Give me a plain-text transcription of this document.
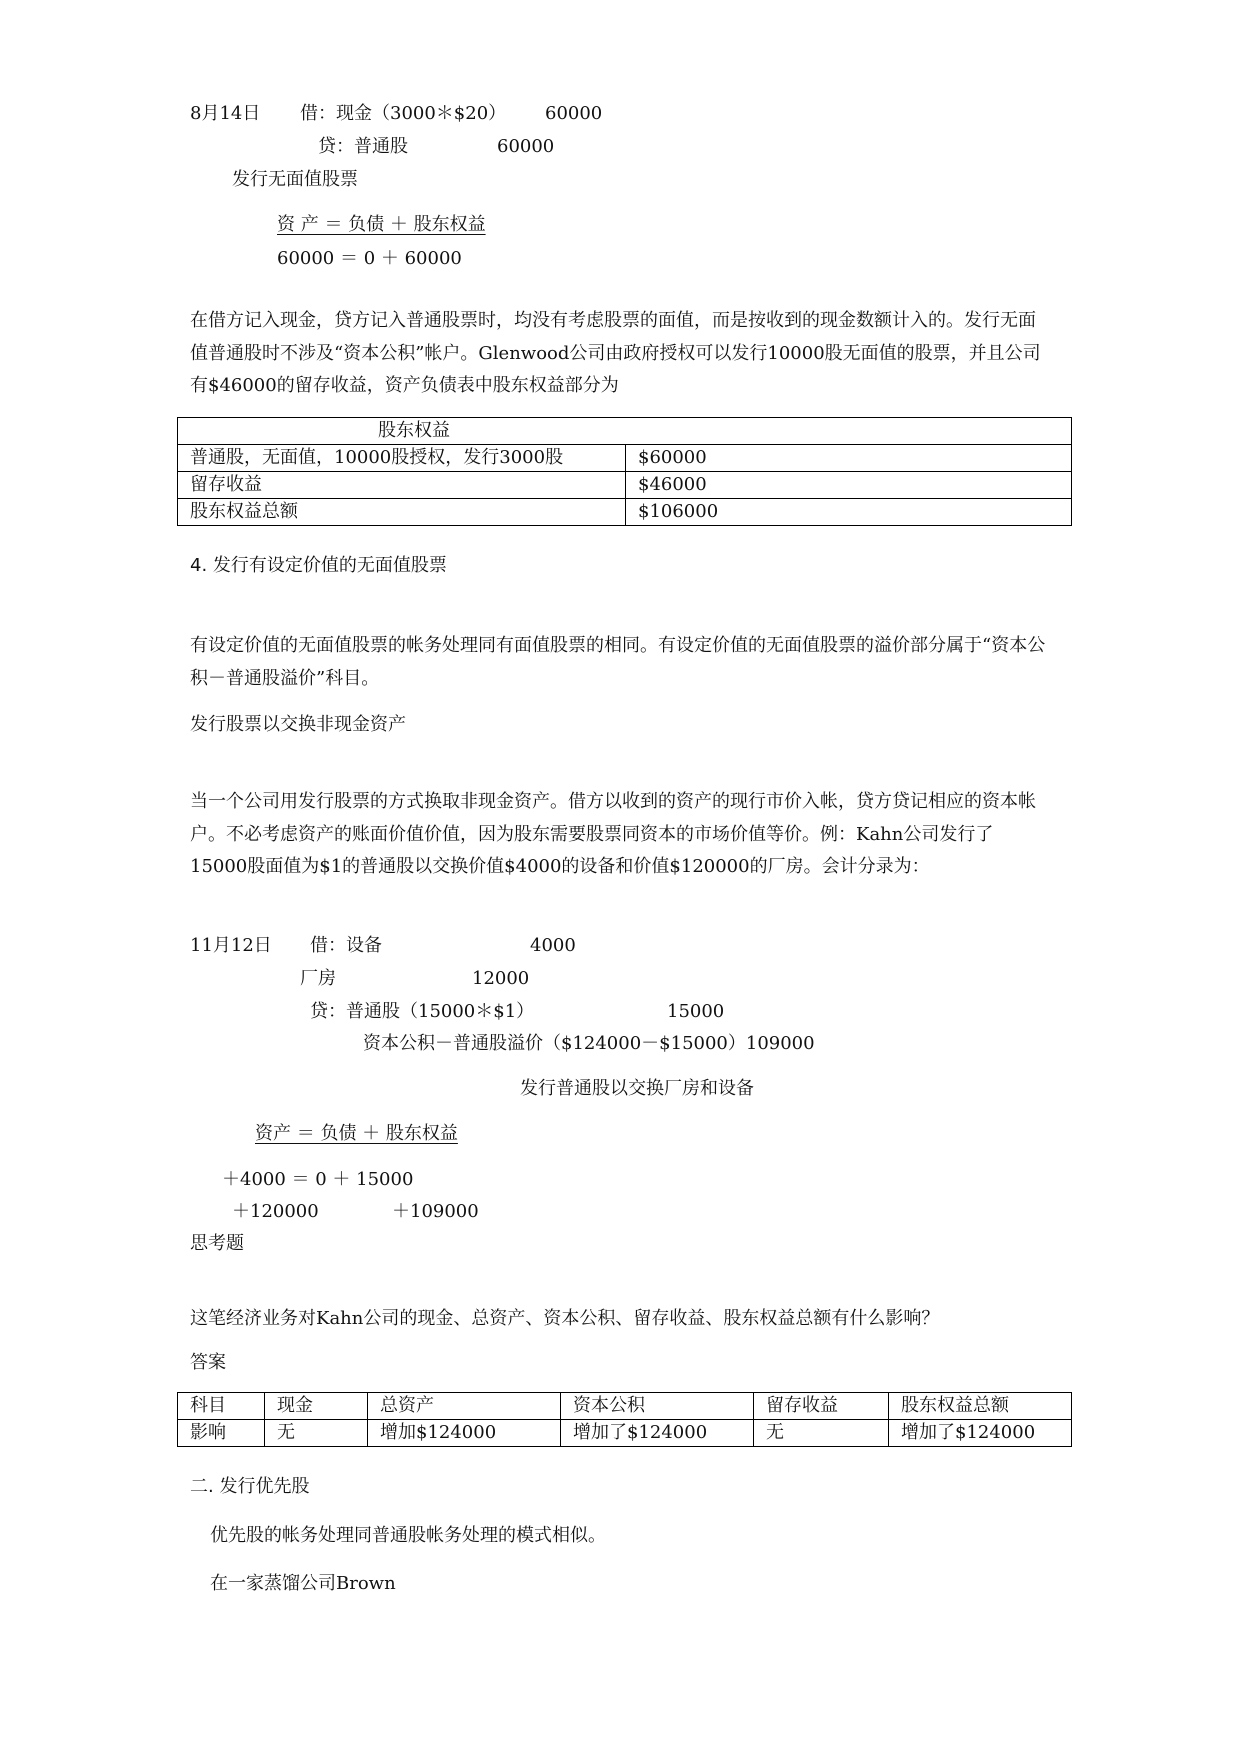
8月14日 借：现金（3000＊$20） 60000
贷：普通股	60000
发行无面值股票
资 产 ＝ 负债 ＋ 股东权益
60000 ＝ 0 ＋ 60000
在借方记入现金，贷方记入普通股票时，均没有考虑股票的面值，而是按收到的现金数额计入的。发行无面值普通股时不涉及“资本公积”帐户。Glenwood公司由政府授权可以发行10000股无面值的股票，并且公司有$46000的留存收益，资产负债表中股东权益部分为
股东权益	
普通股，无面值，10000股授权，发行3000股	$60000
留存收益	$46000
股东权益总额	$106000
4. 发行有设定价值的无面值股票
有设定价值的无面值股票的帐务处理同有面值股票的相同。有设定价值的无面值股票的溢价部分属于“资本公积－普通股溢价”科目。
发行股票以交换非现金资产
当一个公司用发行股票的方式换取非现金资产。借方以收到的资产的现行市价入帐，贷方贷记相应的资本帐户。不必考虑资产的账面价值价值，因为股东需要股票同资本的市场价值等价。例：Kahn公司发行了15000股面值为$1的普通股以交换价值$4000的设备和价值$120000的厂房。会计分录为：
11月12日 借：设备	4000
厂房	12000
贷：普通股（15000＊$1）	15000
资本公积－普通股溢价（$124000－$15000）109000
发行普通股以交换厂房和设备
资产 ＝ 负债 ＋ 股东权益
＋4000 ＝ 0 ＋ 15000
＋120000	＋109000
思考题
这笔经济业务对Kahn公司的现金、总资产、资本公积、留存收益、股东权益总额有什么影响？
答案
科目	现金	总资产	资本公积	留存收益	股东权益总额
影响	无	增加$124000	增加了$124000	无	增加了$124000
二. 发行优先股
优先股的帐务处理同普通股帐务处理的模式相似。
在一家蒸馏公司Brown
